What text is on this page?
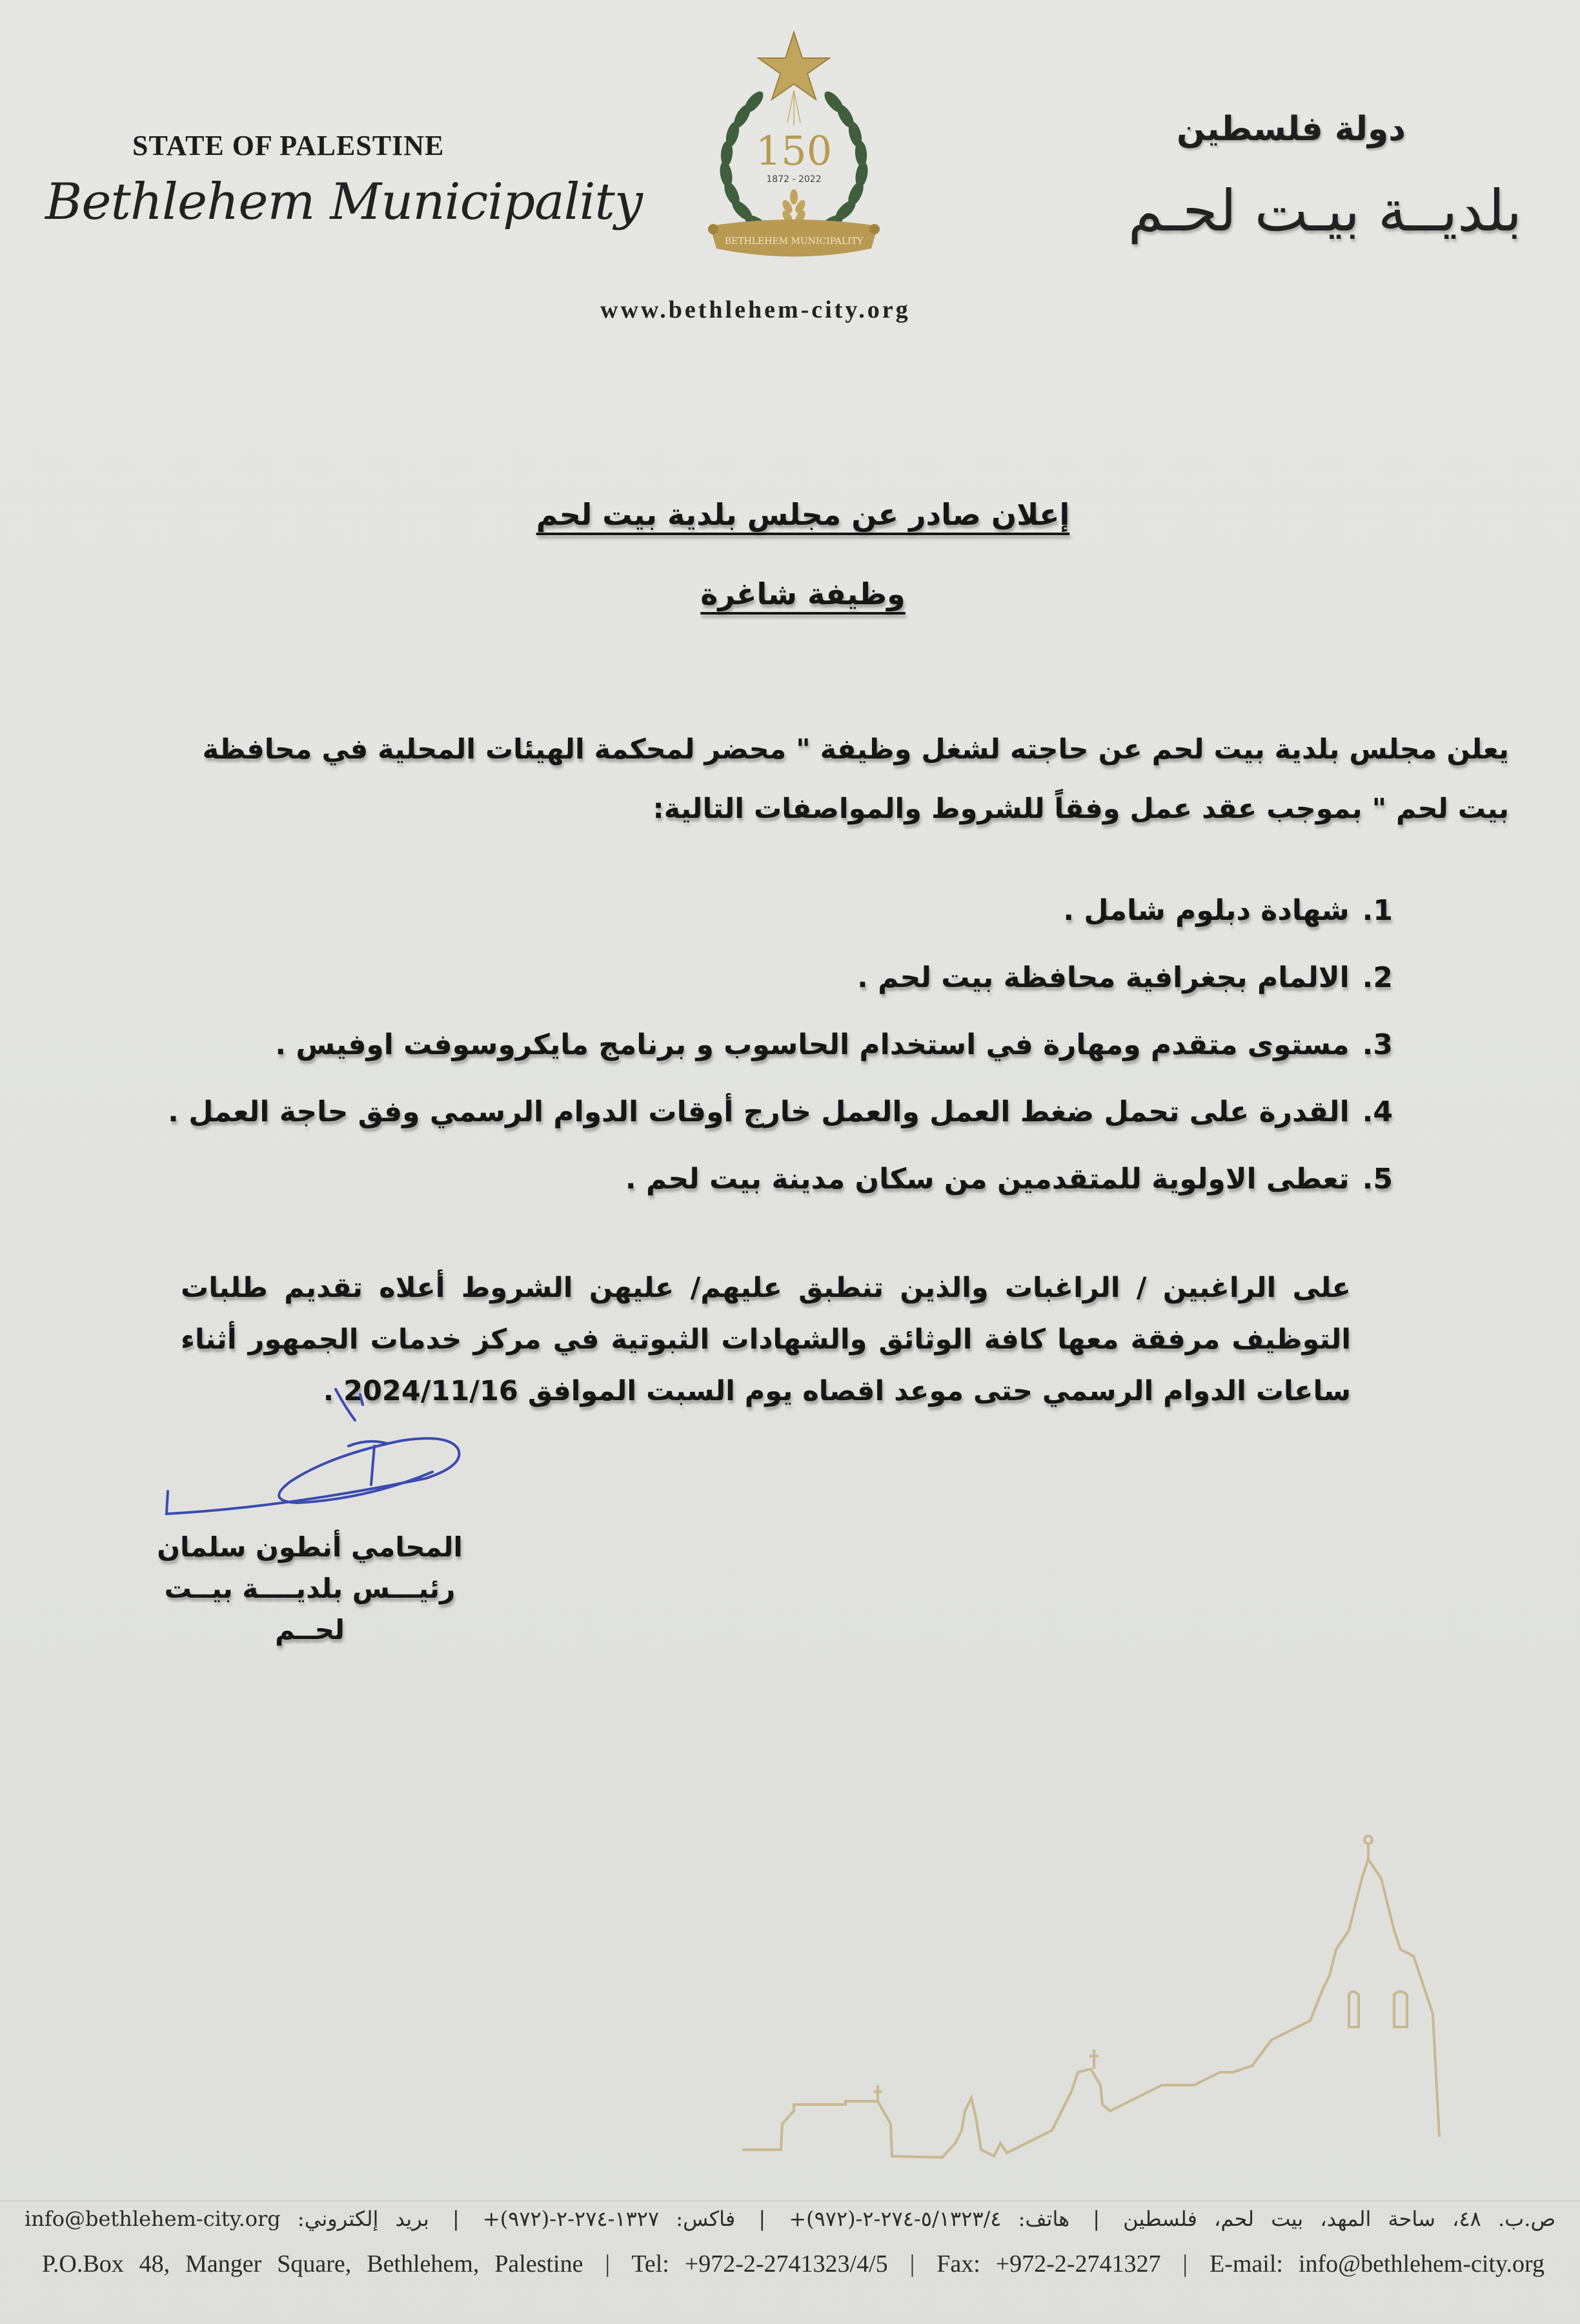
STATE OF PALESTINE
Bethlehem Municipality
150
1872 - 2022
BETHLEHEM MUNICIPALITY
دولة فلسطين
بلديــة بيـت لحـم
www.bethlehem-city.org
إعلان صادر عن مجلس بلدية بيت لحم
وظيفة شاغرة
يعلن مجلس بلدية بيت لحم عن حاجته لشغل وظيفة " محضر لمحكمة الهيئات المحلية في محافظة بيت لحم " بموجب عقد عمل وفقاً للشروط والمواصفات التالية:
1.شهادة دبلوم شامل .
2.الالمام بجغرافية محافظة بيت لحم .
3.مستوى متقدم ومهارة في استخدام الحاسوب و برنامج مايكروسوفت اوفيس .
4.القدرة على تحمل ضغط العمل والعمل خارج أوقات الدوام الرسمي وفق حاجة العمل .
5.تعطى الاولوية للمتقدمين من سكان مدينة بيت لحم .
على الراغبين / الراغبات والذين تنطبق عليهم/ عليهن الشروط أعلاه تقديم طلبات التوظيف مرفقة معها كافة الوثائق والشهادات الثبوتية في مركز خدمات الجمهور أثناء ساعات الدوام الرسمي حتى موعد اقصاه يوم السبت الموافق 2024/11/16 .
المحامي أنطون سلمان
رئيـــس بلديــــة بيــت لحــم
ص.ب. ٤٨، ساحة المهد، بيت لحم، فلسطين | هاتف: ٥/١٣٢٣/٤-٢٧٤-٢-(٩٧٢)+ | فاكس: ١٣٢٧-٢٧٤-٢-(٩٧٢)+ | بريد إلكتروني: info@bethlehem-city.org
P.O.Box 48, Manger Square, Bethlehem, Palestine | Tel: +972-2-2741323/4/5 | Fax: +972-2-2741327 | E-mail: info@bethlehem-city.org
